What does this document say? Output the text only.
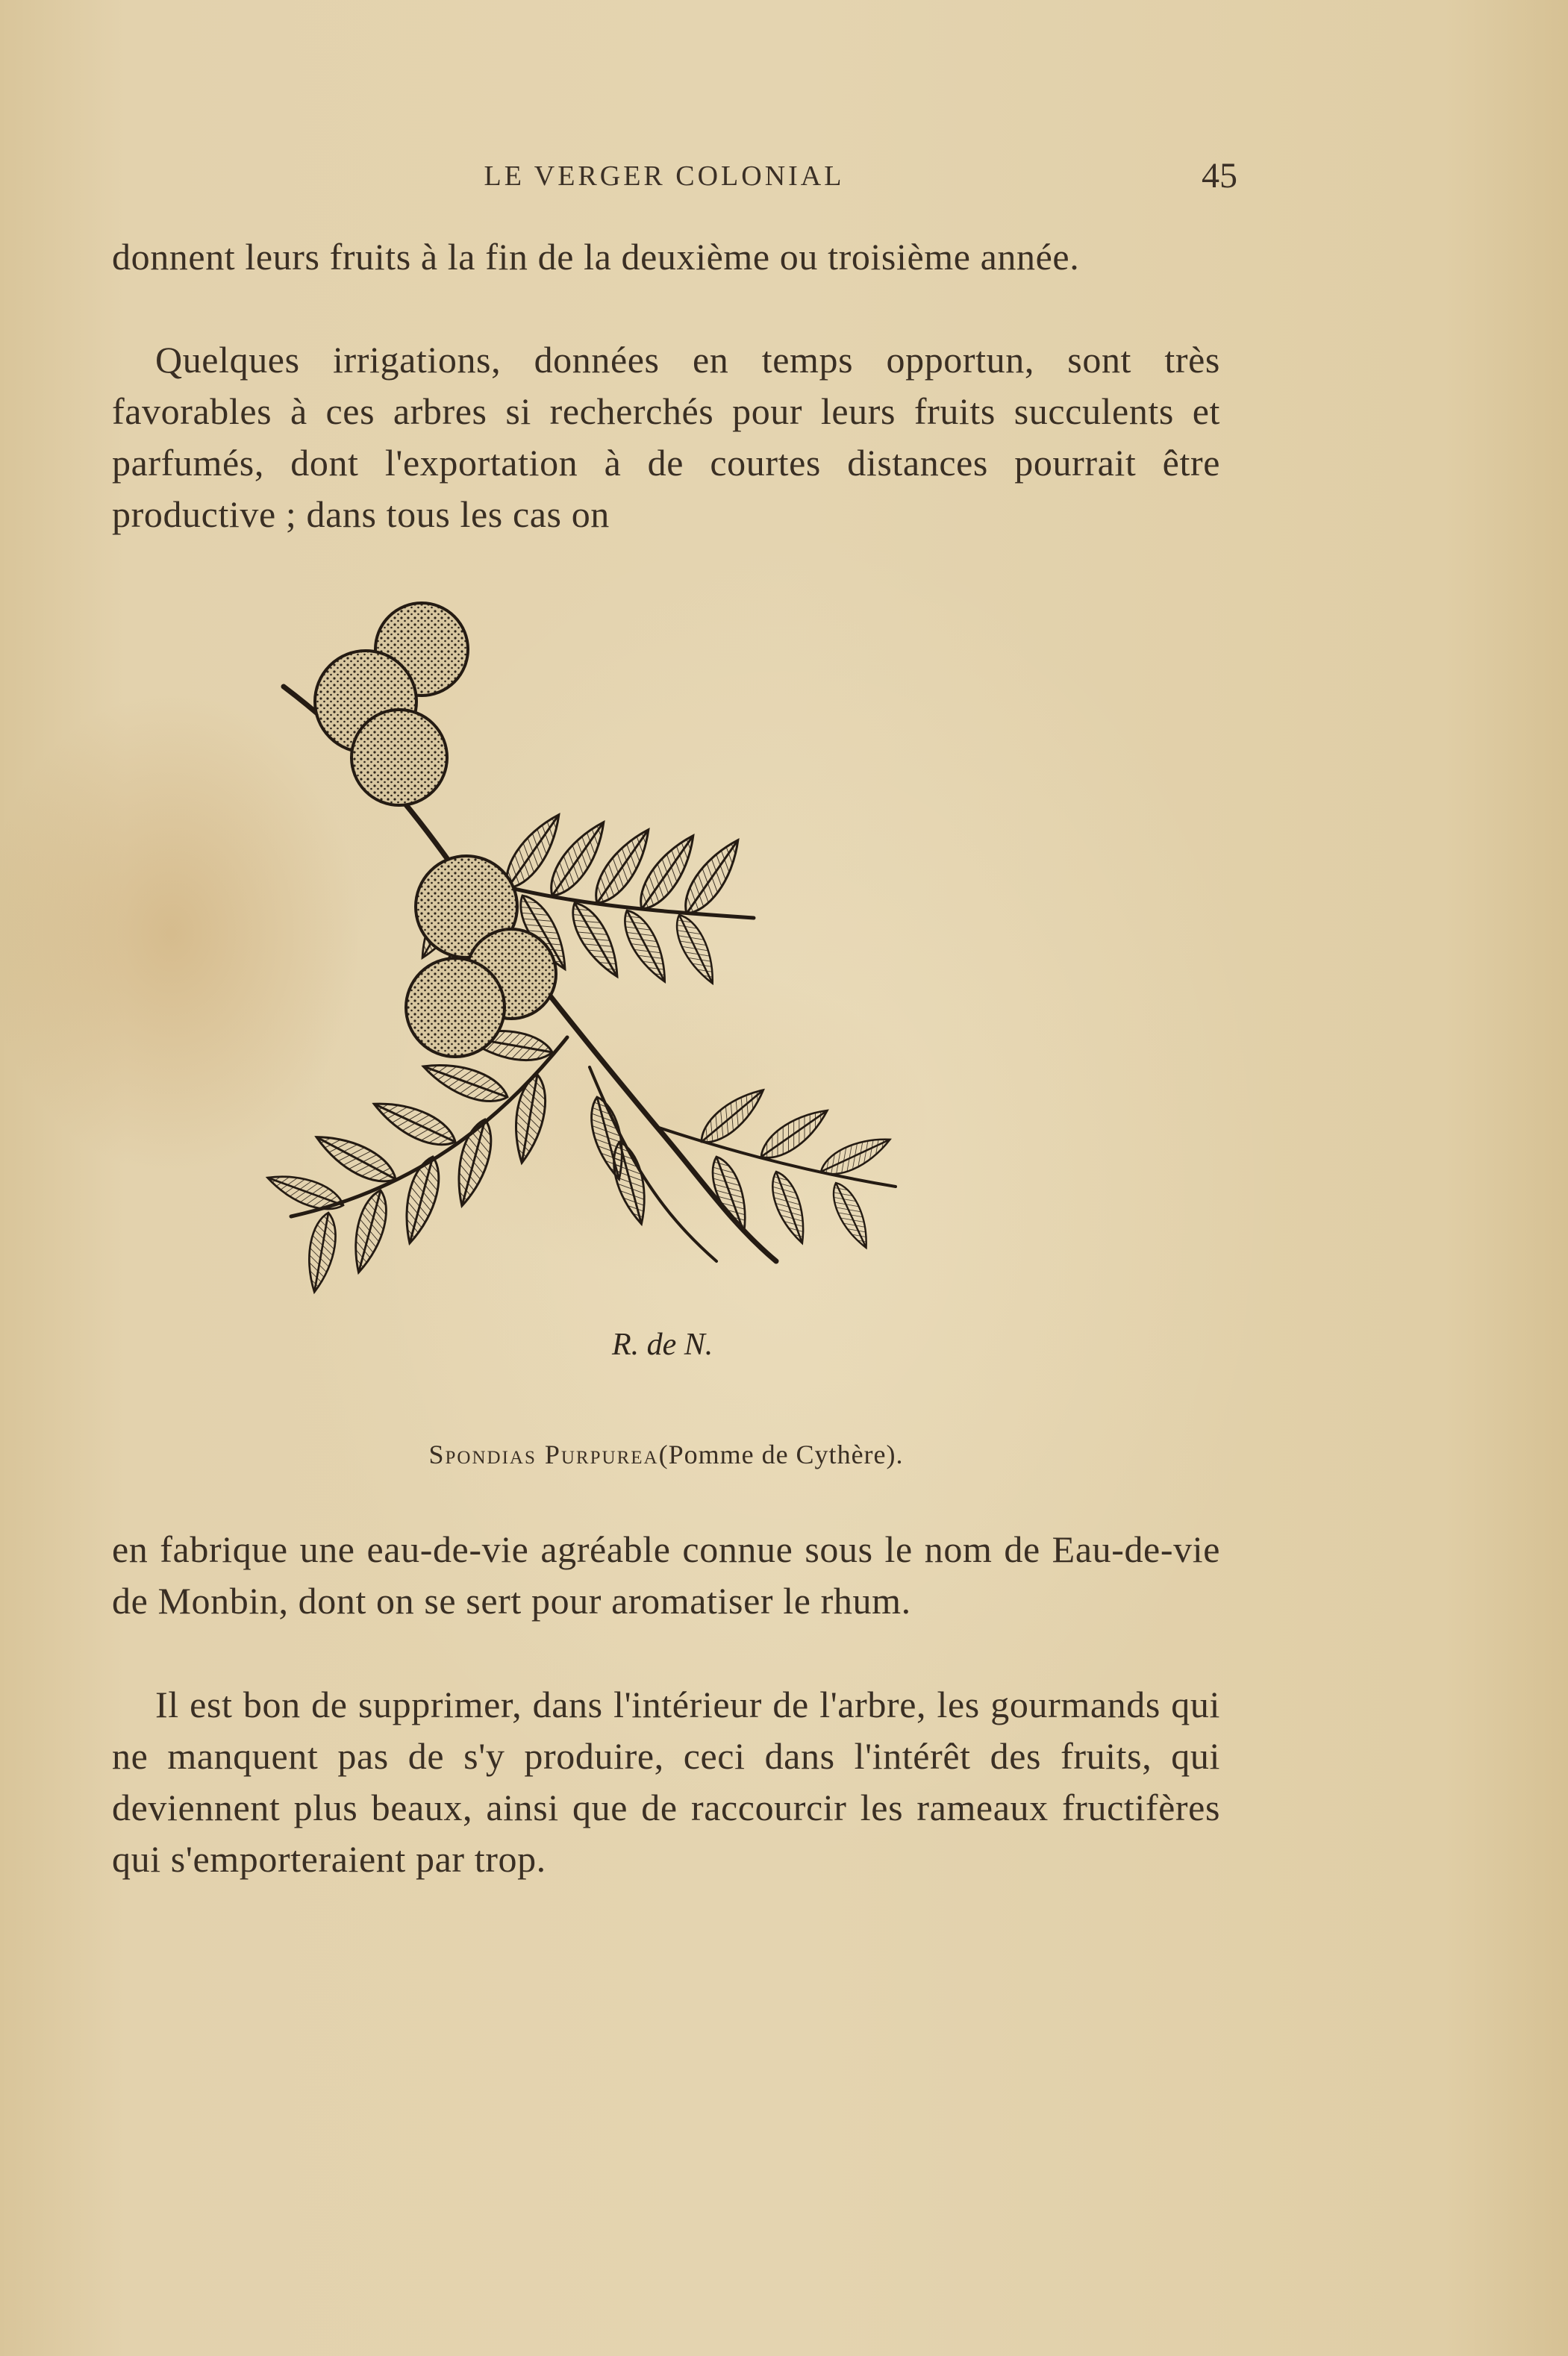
LE VERGER COLONIAL	45

donnent leurs fruits à la fin de la deuxième ou troisième année.

Quelques irrigations, données en temps opportun, sont très favorables à ces arbres si recherchés pour leurs fruits succulents et parfumés, dont l'exportation à de courtes distances pourrait être productive ; dans tous les cas on

R. de N.
Spondias Purpurea(Pomme de Cythère).

en fabrique une eau-de-vie agréable connue sous le nom de Eau-de-vie de Monbin, dont on se sert pour aromatiser le rhum.

Il est bon de supprimer, dans l'intérieur de l'arbre, les gourmands qui ne manquent pas de s'y produire, ceci dans l'intérêt des fruits, qui deviennent plus beaux, ainsi que de raccourcir les rameaux fructifères qui s'emporteraient par trop.
